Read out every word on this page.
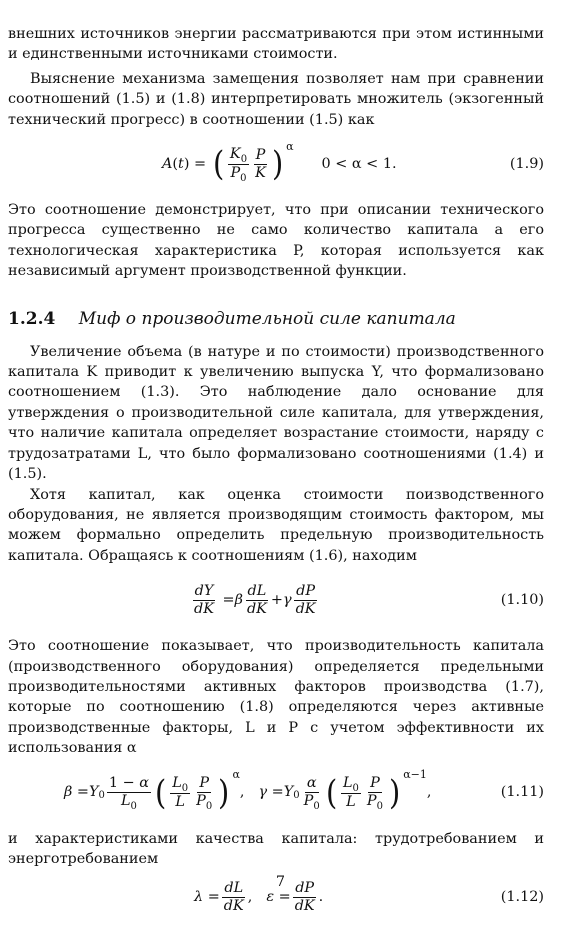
внешних источников энергии рассматриваются при этом истинными и единственными источниками стоимости.

Выяснение механизма замещения позволяет нам при сравнении соотношений (1.5) и (1.8) интерпретировать множитель (экзогенный технический прогресс) в соотношении (1.5) как

A(t) =
( $\frac{K_0}{P_0} \frac{P}{K}$ ) α
0 < α < 1.	(1.9)

Это соотношение демонстрирует, что при описании технического прогресса существенно не само количество капитала а его технологическая характеристика P, которая используется как независимый аргумент производственной функции.

1.2.4 Миф о производительной силе капитала

Увеличение объема (в натуре и по стоимости) производственного капитала K приводит к увеличению выпуска Y, что формализовано соотношением (1.3). Это наблюдение дало основание для утверждения о производительной силе капитала, для утверждения, что наличие капитала определяет возрастание стоимости, наряду с трудозатратами L, что было формализовано соотношениями (1.4) и (1.5).

Хотя капитал, как оценка стоимости поизводственного оборудования, не является производящим стоимость фактором, мы можем формально определить предельную производительность капитала. Обращаясь к соотношениям (1.6), находим

$\frac{dY}{dK} = \beta \frac{dL}{dK} + \gamma \frac{dP}{dK}$	(1.10)

Это соотношение показывает, что производительность капитала (производственного оборудования) определяется предельными производительностями активных факторов производства (1.7), которые по соотношению (1.8) определяются через активные производственные факторы, L и P с учетом эффективности их использования α

β = Y $0 \frac{1 - \alpha}{L_0}$ ( $\frac{L_0}{L} \frac{P}{P_0}$ ) α
, γ = Y $0 \frac{\alpha}{P_0}$ ( $\frac{L_0}{L} \frac{P}{P_0}$ ) α−1
,	(1.11)

и характеристиками качества капитала: трудотребованием и энерготребованием

$\lambda = \frac{dL}{dK}$ , $\varepsilon = \frac{dP}{dK}$ .	(1.12)
7
